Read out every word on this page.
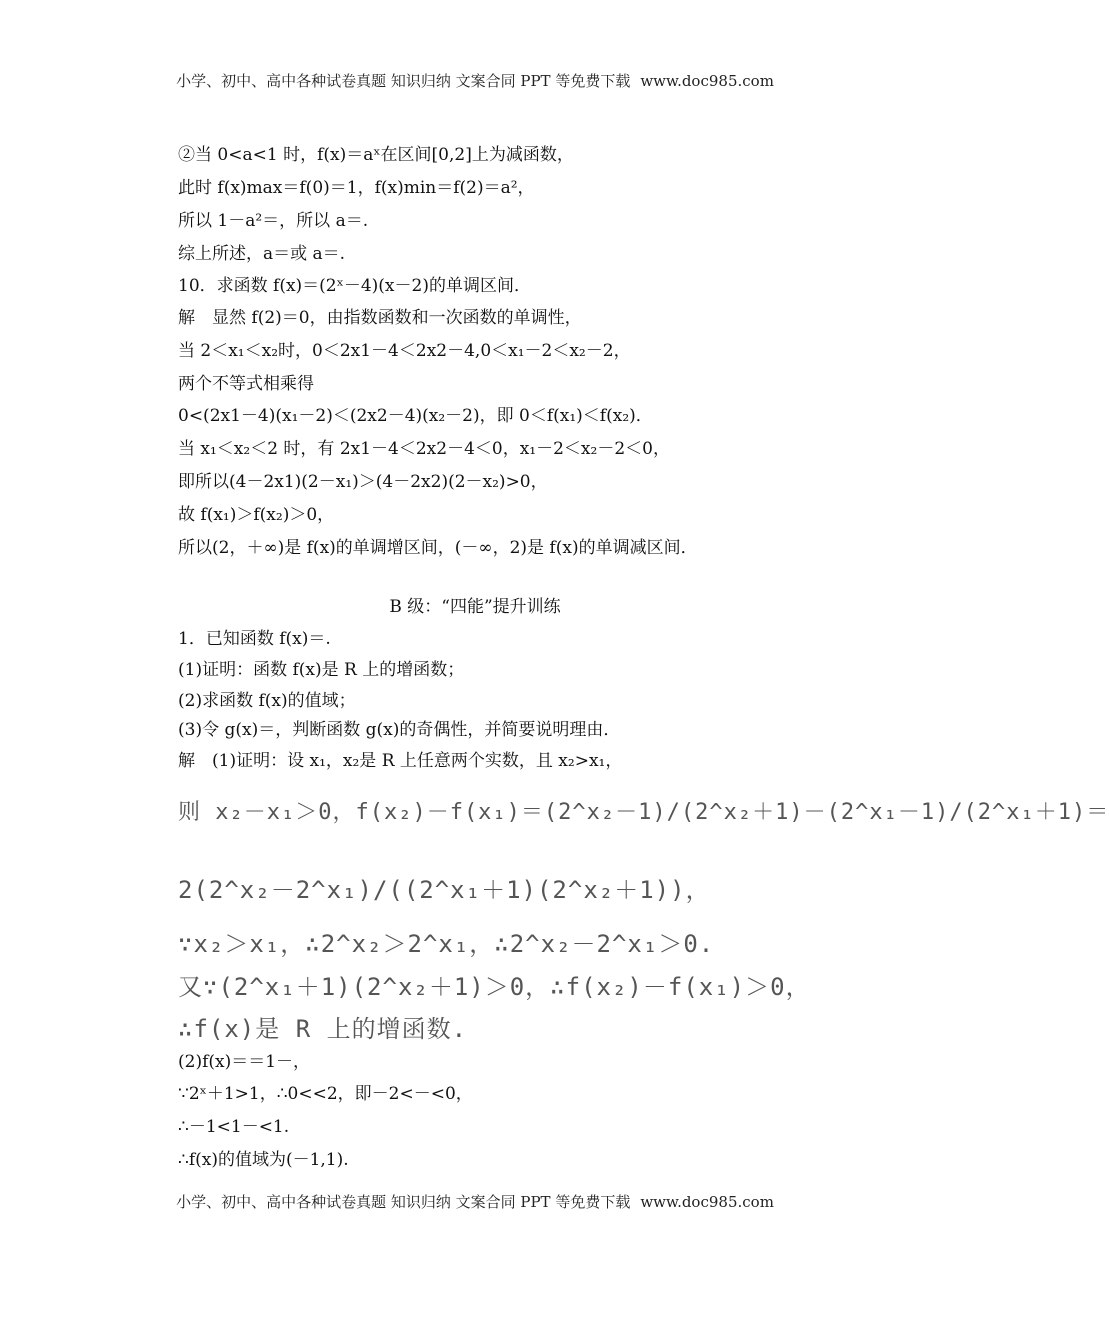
小学、初中、高中各种试卷真题 知识归纳 文案合同 PPT 等免费下载 www.doc985.com
②当 0<a<1 时，f(x)＝aˣ在区间[0,2]上为减函数，
此时 f(x)max＝f(0)＝1，f(x)min＝f(2)＝a²，
所以 1－a²＝，所以 a＝.
综上所述，a＝或 a＝.
10．求函数 f(x)＝(2ˣ－4)(x－2)的单调区间．
解　显然 f(2)＝0，由指数函数和一次函数的单调性，
当 2＜x₁＜x₂时，0＜2x1－4＜2x2－4,0＜x₁－2＜x₂－2，
两个不等式相乘得
0<(2x1－4)(x₁－2)＜(2x2－4)(x₂－2)，即 0＜f(x₁)＜f(x₂)．
当 x₁＜x₂＜2 时，有 2x1－4＜2x2－4＜0，x₁－2＜x₂－2＜0，
即所以(4－2x1)(2－x₁)＞(4－2x2)(2－x₂)>0，
故 f(x₁)＞f(x₂)＞0，
所以(2，＋∞)是 f(x)的单调增区间，(－∞，2)是 f(x)的单调减区间．
B 级：“四能”提升训练
1．已知函数 f(x)＝.
(1)证明：函数 f(x)是 R 上的增函数；
(2)求函数 f(x)的值域；
(3)令 g(x)＝，判断函数 g(x)的奇偶性，并简要说明理由．
解　(1)证明：设 x₁，x₂是 R 上任意两个实数，且 x₂>x₁，
则 x₂－x₁＞0，f(x₂)－f(x₁)＝(2^x₂－1)/(2^x₂＋1)－(2^x₁－1)/(2^x₁＋1)＝
2(2^x₂－2^x₁)/((2^x₁＋1)(2^x₂＋1))，
∵x₂＞x₁，∴2^x₂＞2^x₁，∴2^x₂－2^x₁＞0.
又∵(2^x₁＋1)(2^x₂＋1)＞0，∴f(x₂)－f(x₁)＞0，
∴f(x)是 R 上的增函数.
(2)f(x)＝＝1－，
∵2ˣ＋1>1，∴0<<2，即－2<－<0，
∴－1<1－<1.
∴f(x)的值域为(－1,1).
小学、初中、高中各种试卷真题 知识归纳 文案合同 PPT 等免费下载 www.doc985.com
